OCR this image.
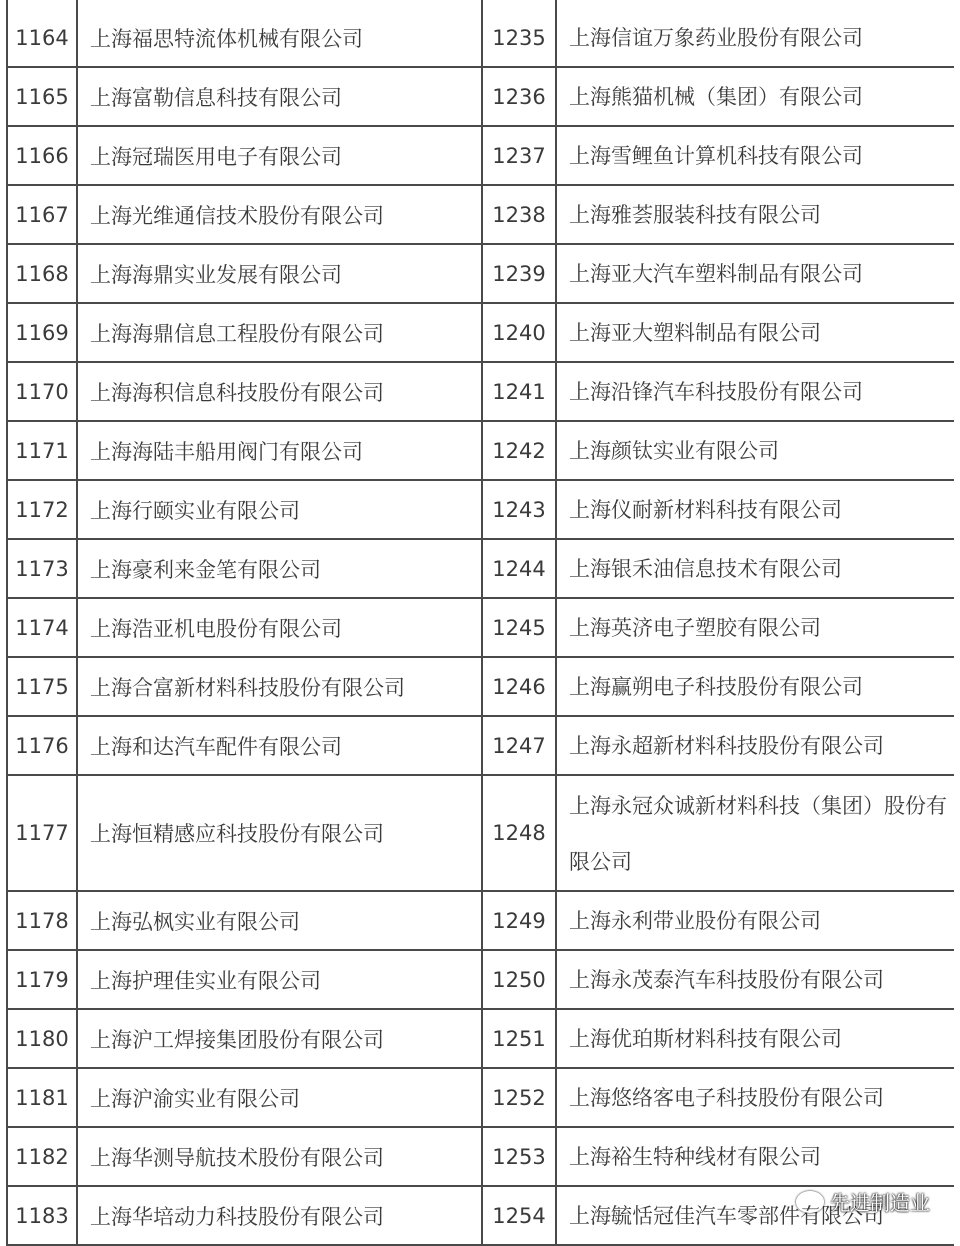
1164	上海福思特流体机械有限公司	1235	上海信谊万象药业股份有限公司
1165	上海富勒信息科技有限公司	1236	上海熊猫机械（集团）有限公司
1166	上海冠瑞医用电子有限公司	1237	上海雪鲤鱼计算机科技有限公司
1167	上海光维通信技术股份有限公司	1238	上海雅荟服装科技有限公司
1168	上海海鼎实业发展有限公司	1239	上海亚大汽车塑料制品有限公司
1169	上海海鼎信息工程股份有限公司	1240	上海亚大塑料制品有限公司
1170	上海海积信息科技股份有限公司	1241	上海沿锋汽车科技股份有限公司
1171	上海海陆丰船用阀门有限公司	1242	上海颜钛实业有限公司
1172	上海行颐实业有限公司	1243	上海仪耐新材料科技有限公司
1173	上海豪利来金笔有限公司	1244	上海银禾油信息技术有限公司
1174	上海浩亚机电股份有限公司	1245	上海英济电子塑胶有限公司
1175	上海合富新材料科技股份有限公司	1246	上海赢朔电子科技股份有限公司
1176	上海和达汽车配件有限公司	1247	上海永超新材料科技股份有限公司
1177	上海恒精感应科技股份有限公司	1248
上海永冠众诚新材料科技（集团）股份有限公司
1178	上海弘枫实业有限公司	1249	上海永利带业股份有限公司
1179	上海护理佳实业有限公司	1250	上海永茂泰汽车科技股份有限公司
1180	上海沪工焊接集团股份有限公司	1251	上海优珀斯材料科技有限公司
1181	上海沪渝实业有限公司	1252	上海悠络客电子科技股份有限公司
1182	上海华测导航技术股份有限公司	1253	上海裕生特种线材有限公司
1183	上海华培动力科技股份有限公司	1254	上海毓恬冠佳汽车零部件有限公司
先进制造业
